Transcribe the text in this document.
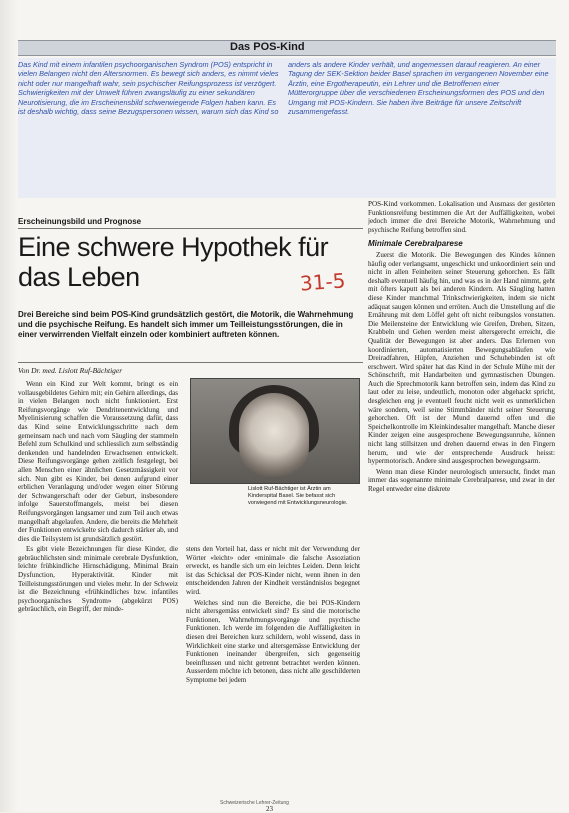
Das POS-Kind
Das Kind mit einem infantilen psychoorganischen Syndrom (POS) entspricht in vielen Belangen nicht den Altersnormen. Es bewegt sich anders, es nimmt vieles nicht oder nur mangelhaft wahr, sein psychischer Reifungsprozess ist verzögert. Schwierigkeiten mit der Umwelt führen zwangsläufig zu einer sekundären Neurotisierung, die im Erscheinensbild schwerwiegende Folgen haben kann. Es ist deshalb wichtig, dass seine Bezugspersonen wissen, warum sich das Kind so
anders als andere Kinder verhält, und angemessen darauf reagieren. An einer Tagung der SEK-Sektion beider Basel sprachen im vergangenen November eine Ärztin, eine Ergotherapeutin, ein Lehrer und die Betroffenen einer Mütterorgruppe über die verschiedenen Erscheinungsformen des POS und den Umgang mit POS-Kindern. Sie haben ihre Beiträge für unsere Zeitschrift zusammengefasst.
Erscheinungsbild und Prognose
Eine schwere Hypothek für das Leben	31-5
Drei Bereiche sind beim POS-Kind grundsätzlich gestört, die Motorik, die Wahrnehmung und die psychische Reifung. Es handelt sich immer um Teilleistungsstörungen, die in einer verwirrenden Vielfalt einzeln oder kombiniert auftreten können.
Von Dr. med. Lislott Ruf-Bächtiger

Wenn ein Kind zur Welt kommt, bringt es ein vollausgebildetes Gehirn mit; ein Gehirn allerdings, das in vielen Belangen noch nicht funktioniert. Erst Reifungsvorgänge wie Dendritenentwicklung und Myelinisierung schaffen die Voraussetzung dafür, dass das Kind seine Entwicklungsschritte nach dem gemeinsam nach und nach vom Säugling der stammeln Befehl zum Schulkind und schliesslich zum selbständig denkenden und handelnden Erwachsenen entwickelt. Diese Reifungsvorgänge gehen zeitlich festgelegt, bei allen Menschen einer ähnlichen Gesetzmässigkeit vor sich. Nun gibt es Kinder, bei denen aufgrund einer erblichen Veranlagung und/oder wegen einer Störung der Schwangerschaft oder der Geburt, insbesondere infolge Sauerstoffmangels, meist bei diesen Reifungsvorgängen langsamer und zum Teil auch etwas mangelhaft abgelaufen. Andere, die bereits die Mehrheit der Funktionen entwickelte sich dadurch stärker ab, und dies die Teilsystem ist grundsätzlich gestört.

Es gibt viele Bezeichnungen für diese Kinder, die gebräuchlichsten sind: minimale cerebrale Dysfunktion, leichte frühkindliche Hirnschädigung, Minimal Brain Dysfunction, Hyperaktivität. Kinder mit Teilleistungsstörungen und vieles mehr. In der Schweiz ist die Bezeichnung «frühkindliches bzw. infantiles psychoorganisches Syndrom» (abgekürzt POS) gebräuchlich, ein Begriff, der minde-

Lislott Ruf-Bächtiger ist Ärztin am Kinderspital Basel. Sie befasst sich vorwiegend mit Entwicklungsneurologie.

stens den Vorteil hat, dass er nicht mit der Verwendung der Wörter «leicht» oder «minimal» die falsche Assoziation erweckt, es handle sich um ein leichtes Leiden. Denn leicht ist das Schicksal der POS-Kinder nicht, wenn ihnen in den entscheidenden Jahren der Kindheit verständnislos begegnet wird.

Welches sind nun die Bereiche, die bei POS-Kindern nicht altersgemäss entwickelt sind? Es sind die motorische Funktionen, Wahrnehmungsvorgänge und psychische Funktionen. Ich werde im folgenden die Auffälligkeiten in diesen drei Bereichen kurz schildern, wohl wissend, dass in Wirklichkeit eine starke und altersgemässe Entwicklung der Funktionen ineinander übergreifen, sich gegenseitig beeinflussen und nicht getrennt betrachtet werden können. Ausserdem möchte ich betonen, dass nicht alle geschilderten Symptome bei jedem

POS-Kind vorkommen. Lokalisation und Ausmass der gestörten Funktionsreifung bestimmen die Art der Auffälligkeiten, wobei jedoch immer die drei Bereiche Motorik, Wahrnehmung und psychische Reifung betroffen sind.

Minimale Cerebralparese

Zuerst die Motorik. Die Bewegungen des Kindes können häufig oder verlangsamt, ungeschickt und unkoordiniert sein und nicht in allen Feinheiten seiner Steuerung gehorchen. Es fällt deshalb eventuell häufig hin, und was es in der Hand nimmt, geht mit öfters kaputt als bei anderen Kindern. Als Säugling hatten diese Kinder manchmal Trinkschwierigkeiten, indem sie nicht adäquat saugen können und erröten. Auch die Umstellung auf die Ernährung mit dem Löffel geht oft nicht reibungslos vonstatten. Die Meilensteine der Entwicklung wie Greifen, Drehen, Sitzen, Krabbeln und Gehen werden meist altersgerecht erreicht, die Qualität der Bewegungen ist aber anders. Das Erlernen von koordinierten, automatisierten Bewegungsabläufen wie Dreiradfahren, Hüpfen, Anziehen und Schuhebinden ist oft erschwert. Wird später hat das Kind in der Schule Mühe mit der Schönschrift, mit Handarbeiten und gymnastischen Übungen. Auch die Sprechmotorik kann betroffen sein, indem das Kind zu laut oder zu leise, undeutlich, monoton oder abgehackt spricht, desgleichen eng je eventuell feucht nicht weit es unmerklichen wäre sondern, weil seine Stimmbänder nicht seiner Steuerung gehorchen. Oft ist der Mund dauernd offen und die Speichelkontrolle im Kleinkindesalter mangelhaft. Manche dieser Kinder zeigen eine ausgesprochene Bewegungsunruhe, können nicht lang stillsitzen und drehen dauernd etwas in den Fingern herum, und wie der entsprechende Ausdruck heisst: hypermotorisch. Andere sind ausgesprochen bewegungsarm.

Wenn man diese Kinder neurologisch untersucht, findet man immer das sogenannte minimale Cerebralparese, und zwar in der Regel entweder eine diskrete

Schweizerische Lehrer-Zeitung
23
